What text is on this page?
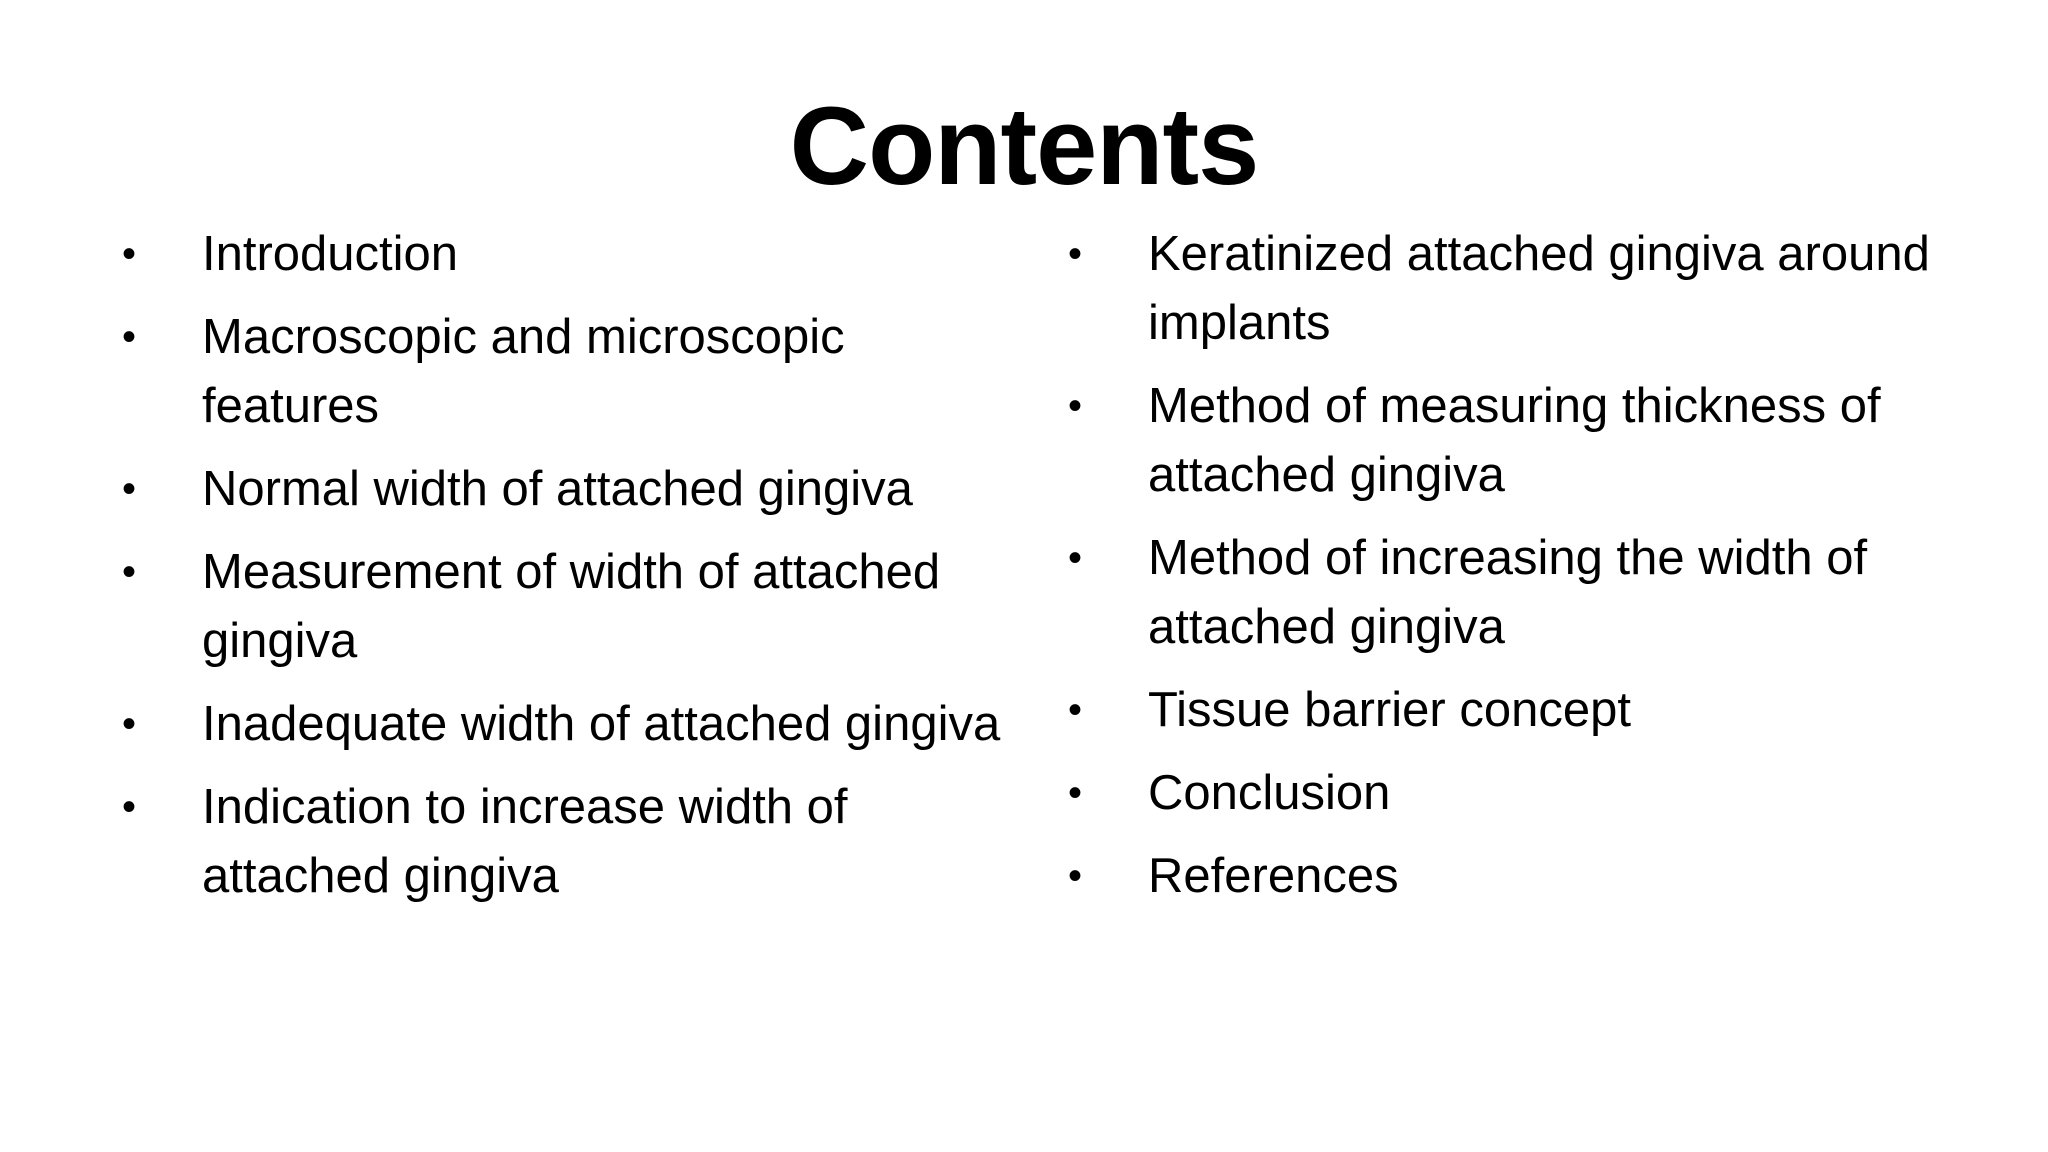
Contents
•	Introduction
•	Macroscopic and microscopic features
•	Normal width of attached gingiva
•	Measurement of width of attached gingiva
•	Inadequate width of attached gingiva
•	Indication to increase width of attached gingiva
•	Keratinized attached gingiva around implants
•	Method of measuring thickness of attached gingiva
•	Method of increasing the width of attached gingiva
•	Tissue barrier concept
•	Conclusion
•	References
